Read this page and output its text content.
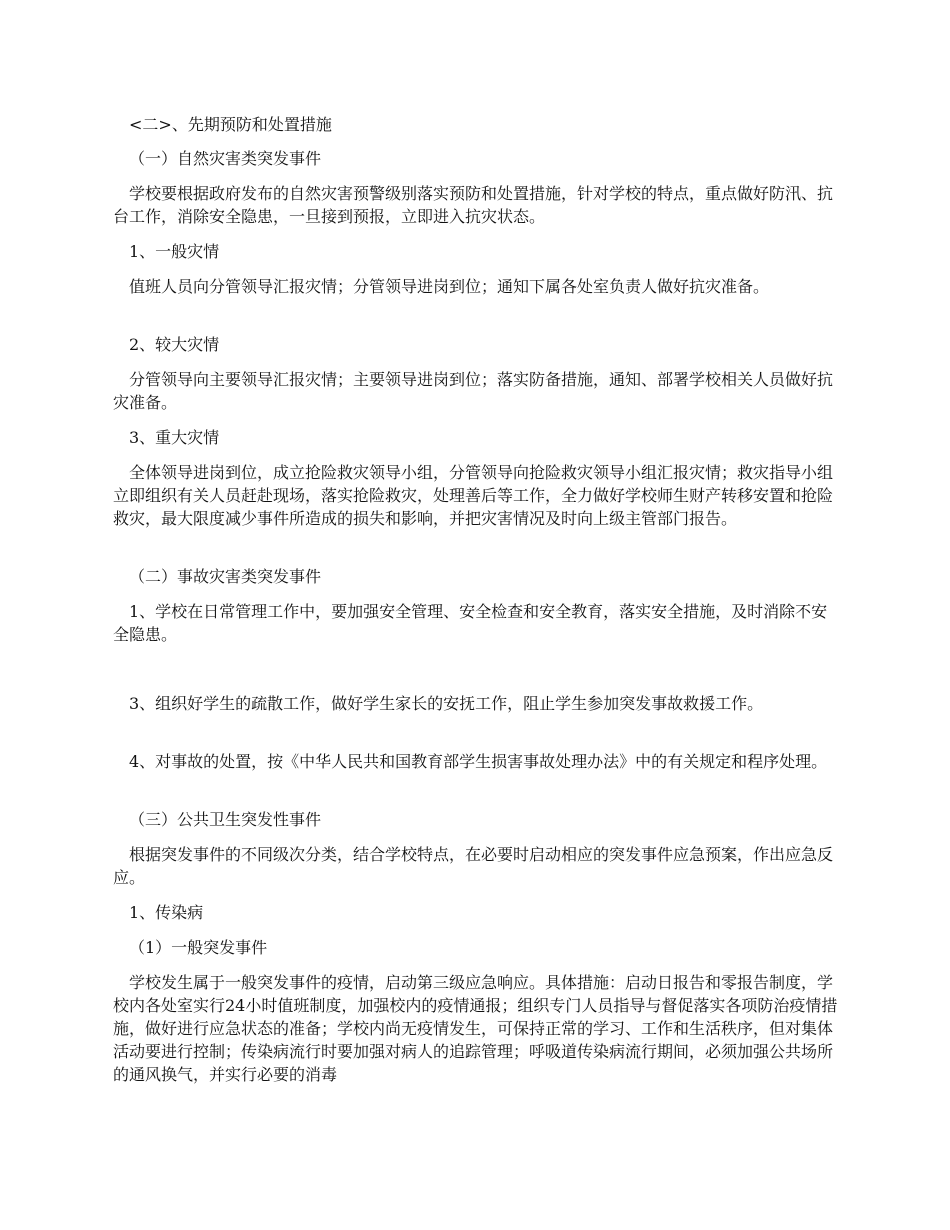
<二>、先期预防和处置措施

（一）自然灾害类突发事件

学校要根据政府发布的自然灾害预警级别落实预防和处置措施，针对学校的特点，重点做好防汛、抗台工作，消除安全隐患，一旦接到预报，立即进入抗灾状态。

1、一般灾情

值班人员向分管领导汇报灾情；分管领导进岗到位；通知下属各处室负责人做好抗灾准备。

2、较大灾情

分管领导向主要领导汇报灾情；主要领导进岗到位；落实防备措施，通知、部署学校相关人员做好抗灾准备。

3、重大灾情

全体领导进岗到位，成立抢险救灾领导小组，分管领导向抢险救灾领导小组汇报灾情；救灾指导小组立即组织有关人员赶赴现场，落实抢险救灾，处理善后等工作，全力做好学校师生财产转移安置和抢险救灾，最大限度减少事件所造成的损失和影响，并把灾害情况及时向上级主管部门报告。

（二）事故灾害类突发事件

1、学校在日常管理工作中，要加强安全管理、安全检查和安全教育，落实安全措施，及时消除不安全隐患。

3、组织好学生的疏散工作，做好学生家长的安抚工作，阻止学生参加突发事故救援工作。

4、对事故的处置，按《中华人民共和国教育部学生损害事故处理办法》中的有关规定和程序处理。

（三）公共卫生突发性事件

根据突发事件的不同级次分类，结合学校特点，在必要时启动相应的突发事件应急预案，作出应急反应。

1、传染病

（1）一般突发事件

学校发生属于一般突发事件的疫情，启动第三级应急响应。具体措施：启动日报告和零报告制度，学校内各处室实行24小时值班制度，加强校内的疫情通报；组织专门人员指导与督促落实各项防治疫情措施，做好进行应急状态的准备；学校内尚无疫情发生，可保持正常的学习、工作和生活秩序，但对集体活动要进行控制；传染病流行时要加强对病人的追踪管理；呼吸道传染病流行期间，必须加强公共场所的通风换气，并实行必要的消毒
